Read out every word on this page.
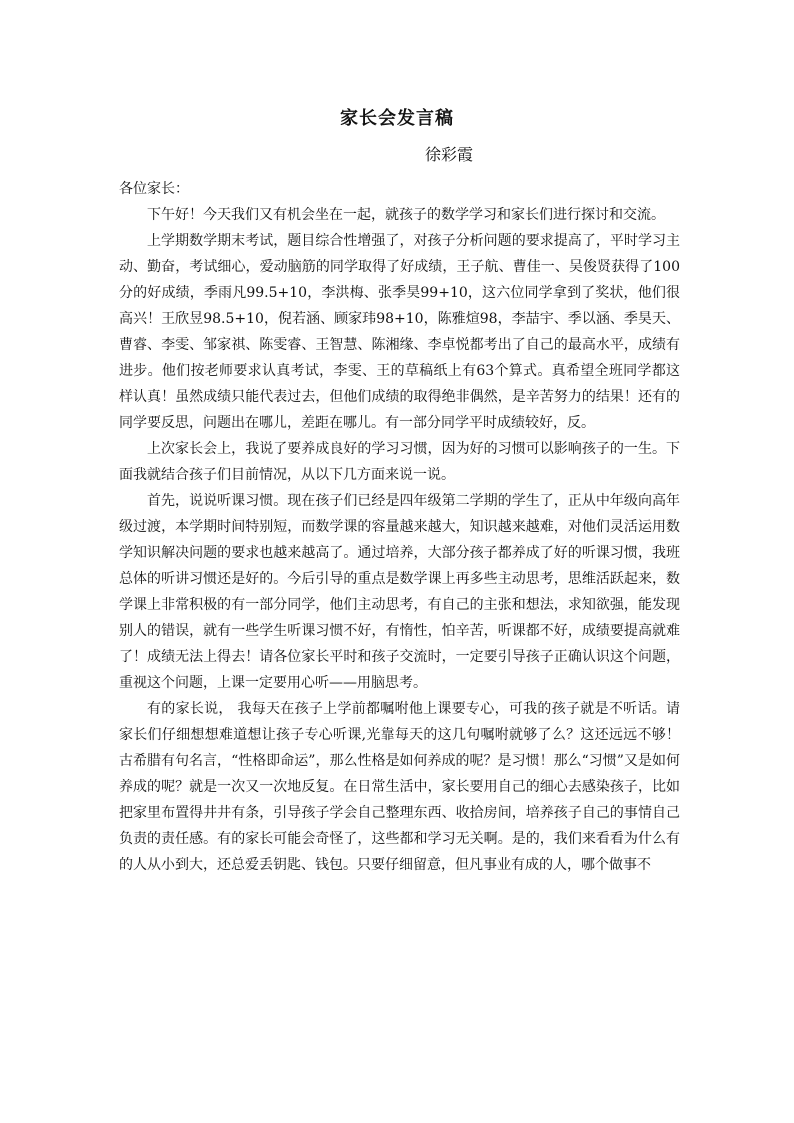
家长会发言稿
徐彩霞

各位家长：

下午好！今天我们又有机会坐在一起，就孩子的数学学习和家长们进行探讨和交流。

上学期数学期末考试，题目综合性增强了，对孩子分析问题的要求提高了，平时学习主动、勤奋，考试细心，爱动脑筋的同学取得了好成绩，王子航、曹佳一、吴俊贤获得了100分的好成绩，季雨凡99.5+10，李洪梅、张季昊99+10，这六位同学拿到了奖状，他们很高兴！王欣昱98.5+10，倪若涵、顾家玮98+10，陈雅煊98，李喆宇、季以涵、季昊天、曹睿、李雯、邹家祺、陈雯睿、王智慧、陈湘缘、李卓悦都考出了自己的最高水平，成绩有进步。他们按老师要求认真考试，李雯、王的草稿纸上有63个算式。真希望全班同学都这样认真！虽然成绩只能代表过去，但他们成绩的取得绝非偶然，是辛苦努力的结果！还有的同学要反思，问题出在哪儿，差距在哪儿。有一部分同学平时成绩较好，反。

上次家长会上，我说了要养成良好的学习习惯，因为好的习惯可以影响孩子的一生。下面我就结合孩子们目前情况，从以下几方面来说一说。

首先，说说听课习惯。现在孩子们已经是四年级第二学期的学生了，正从中年级向高年级过渡，本学期时间特别短，而数学课的容量越来越大，知识越来越难，对他们灵活运用数学知识解决问题的要求也越来越高了。通过培养，大部分孩子都养成了好的听课习惯，我班总体的听讲习惯还是好的。今后引导的重点是数学课上再多些主动思考，思维活跃起来，数学课上非常积极的有一部分同学，他们主动思考，有自己的主张和想法，求知欲强，能发现别人的错误，就有一些学生听课习惯不好，有惰性，怕辛苦，听课都不好，成绩要提高就难了！成绩无法上得去！请各位家长平时和孩子交流时，一定要引导孩子正确认识这个问题，重视这个问题，上课一定要用心听——用脑思考。

有的家长说， 我每天在孩子上学前都嘱咐他上课要专心，可我的孩子就是不听话。请家长们仔细想想难道想让孩子专心听课,光靠每天的这几句嘱咐就够了么？这还远远不够！古希腊有句名言，“性格即命运”，那么性格是如何养成的呢？是习惯！那么“习惯”又是如何养成的呢？就是一次又一次地反复。在日常生活中，家长要用自己的细心去感染孩子，比如把家里布置得井井有条，引导孩子学会自己整理东西、收拾房间，培养孩子自己的事情自己负责的责任感。有的家长可能会奇怪了，这些都和学习无关啊。是的，我们来看看为什么有的人从小到大，还总爱丢钥匙、钱包。只要仔细留意，但凡事业有成的人，哪个做事不
